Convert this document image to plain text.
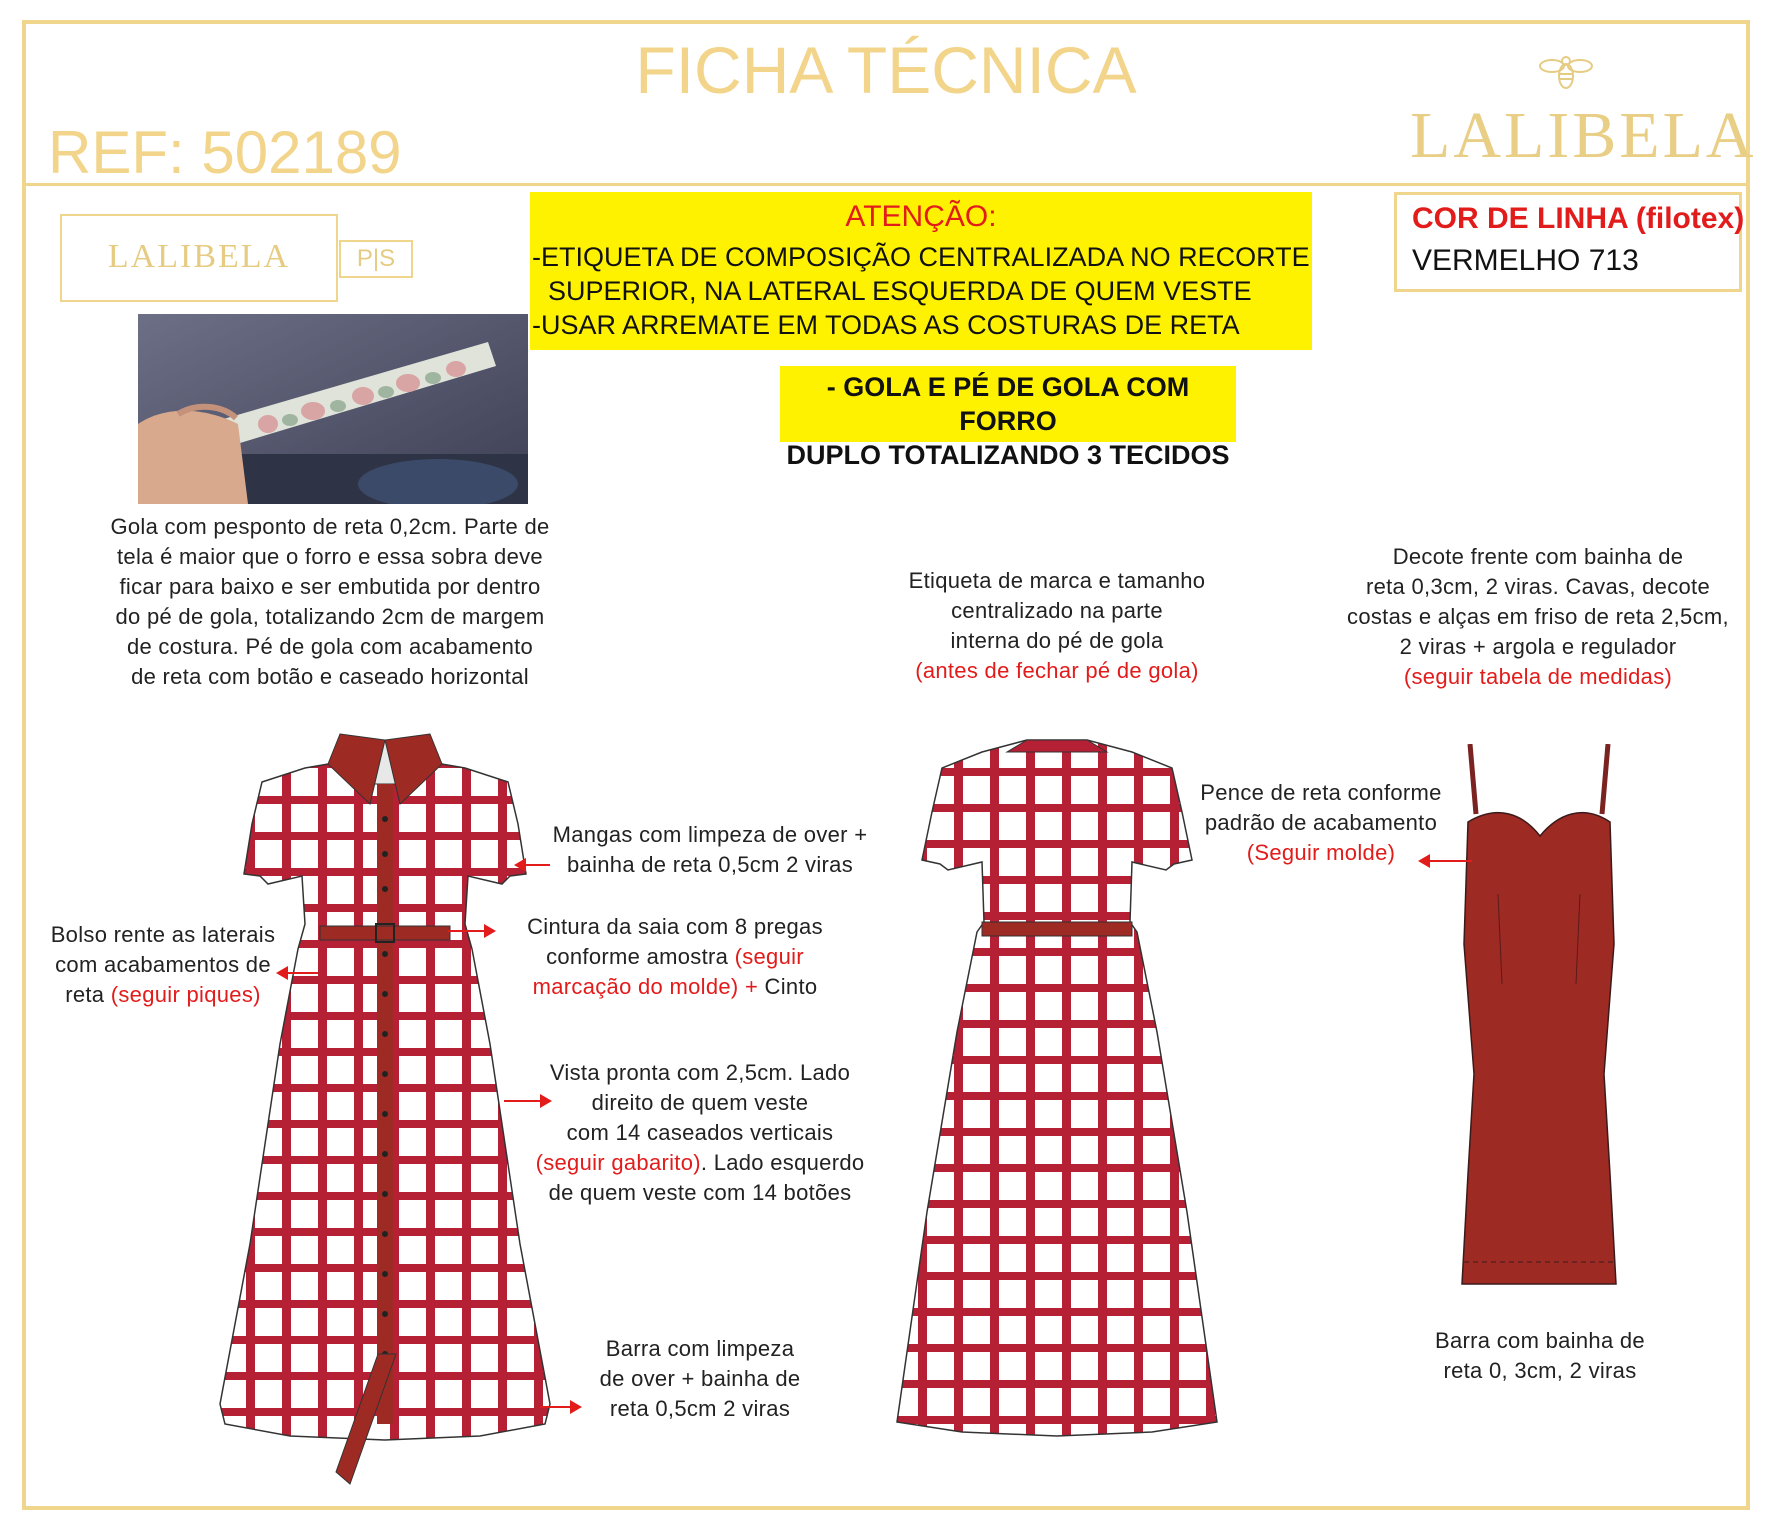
FICHA TÉCNICA
REF: 502189	LALIBELA
LALIBELA	P|S
ATENÇÃO:
-ETIQUETA DE COMPOSIÇÃO CENTRALIZADA NO RECORTE
SUPERIOR, NA LATERAL ESQUERDA DE QUEM VESTE
-USAR ARREMATE EM TODAS AS COSTURAS DE RETA
- GOLA E PÉ DE GOLA COM FORRO
DUPLO TOTALIZANDO 3 TECIDOS
COR DE LINHA (filotex)
VERMELHO 713
Gola com pesponto de reta 0,2cm. Parte de
tela é maior que o forro e essa sobra deve
ficar para baixo e ser embutida por dentro
do pé de gola, totalizando 2cm de margem
de costura. Pé de gola com acabamento
de reta com botão e caseado horizontal
Etiqueta de marca e tamanho
centralizado na parte
interna do pé de gola
(antes de fechar pé de gola)
Decote frente com bainha de
reta 0,3cm, 2 viras. Cavas, decote
costas e alças em friso de reta 2,5cm,
2 viras + argola e regulador
(seguir tabela de medidas)
Mangas com limpeza de over +
bainha de reta 0,5cm 2 viras
Cintura da saia com 8 pregas
conforme amostra (seguir
marcação do molde) + Cinto
Bolso rente as laterais
com acabamentos de
reta (seguir piques)
Vista pronta com 2,5cm. Lado
direito de quem veste
com 14 caseados verticais
(seguir gabarito). Lado esquerdo
de quem veste com 14 botões
Barra com limpeza
de over + bainha de
reta 0,5cm 2 viras
Pence de reta conforme
padrão de acabamento
(Seguir molde)
Barra com bainha de
reta 0, 3cm, 2 viras
